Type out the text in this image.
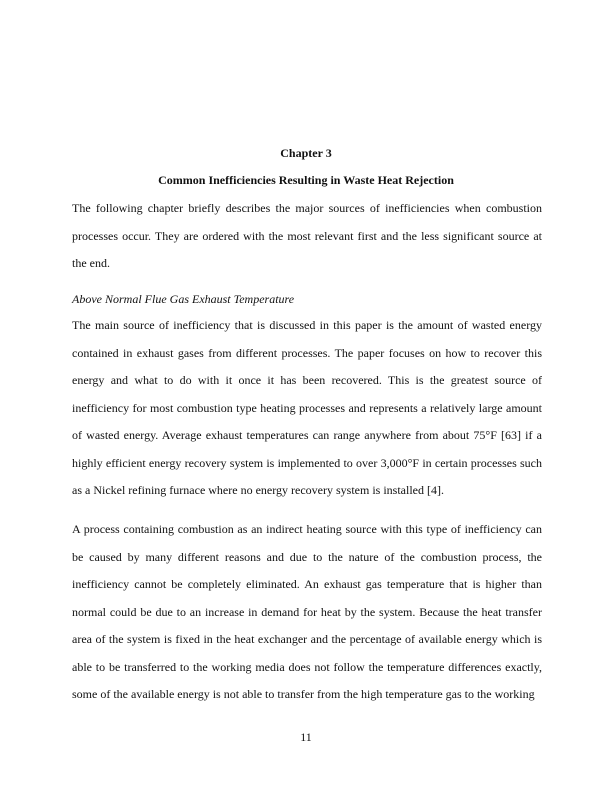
Chapter 3
Common Inefficiencies Resulting in Waste Heat Rejection

The following chapter briefly describes the major sources of inefficiencies when combustion processes occur. They are ordered with the most relevant first and the less significant source at the end.

Above Normal Flue Gas Exhaust Temperature

The main source of inefficiency that is discussed in this paper is the amount of wasted energy contained in exhaust gases from different processes. The paper focuses on how to recover this energy and what to do with it once it has been recovered. This is the greatest source of inefficiency for most combustion type heating processes and represents a relatively large amount of wasted energy. Average exhaust temperatures can range anywhere from about 75°F [63] if a highly efficient energy recovery system is implemented to over 3,000°F in certain processes such as a Nickel refining furnace where no energy recovery system is installed [4].

A process containing combustion as an indirect heating source with this type of inefficiency can be caused by many different reasons and due to the nature of the combustion process, the inefficiency cannot be completely eliminated. An exhaust gas temperature that is higher than normal could be due to an increase in demand for heat by the system. Because the heat transfer area of the system is fixed in the heat exchanger and the percentage of available energy which is able to be transferred to the working media does not follow the temperature differences exactly, some of the available energy is not able to transfer from the high temperature gas to the working

11
